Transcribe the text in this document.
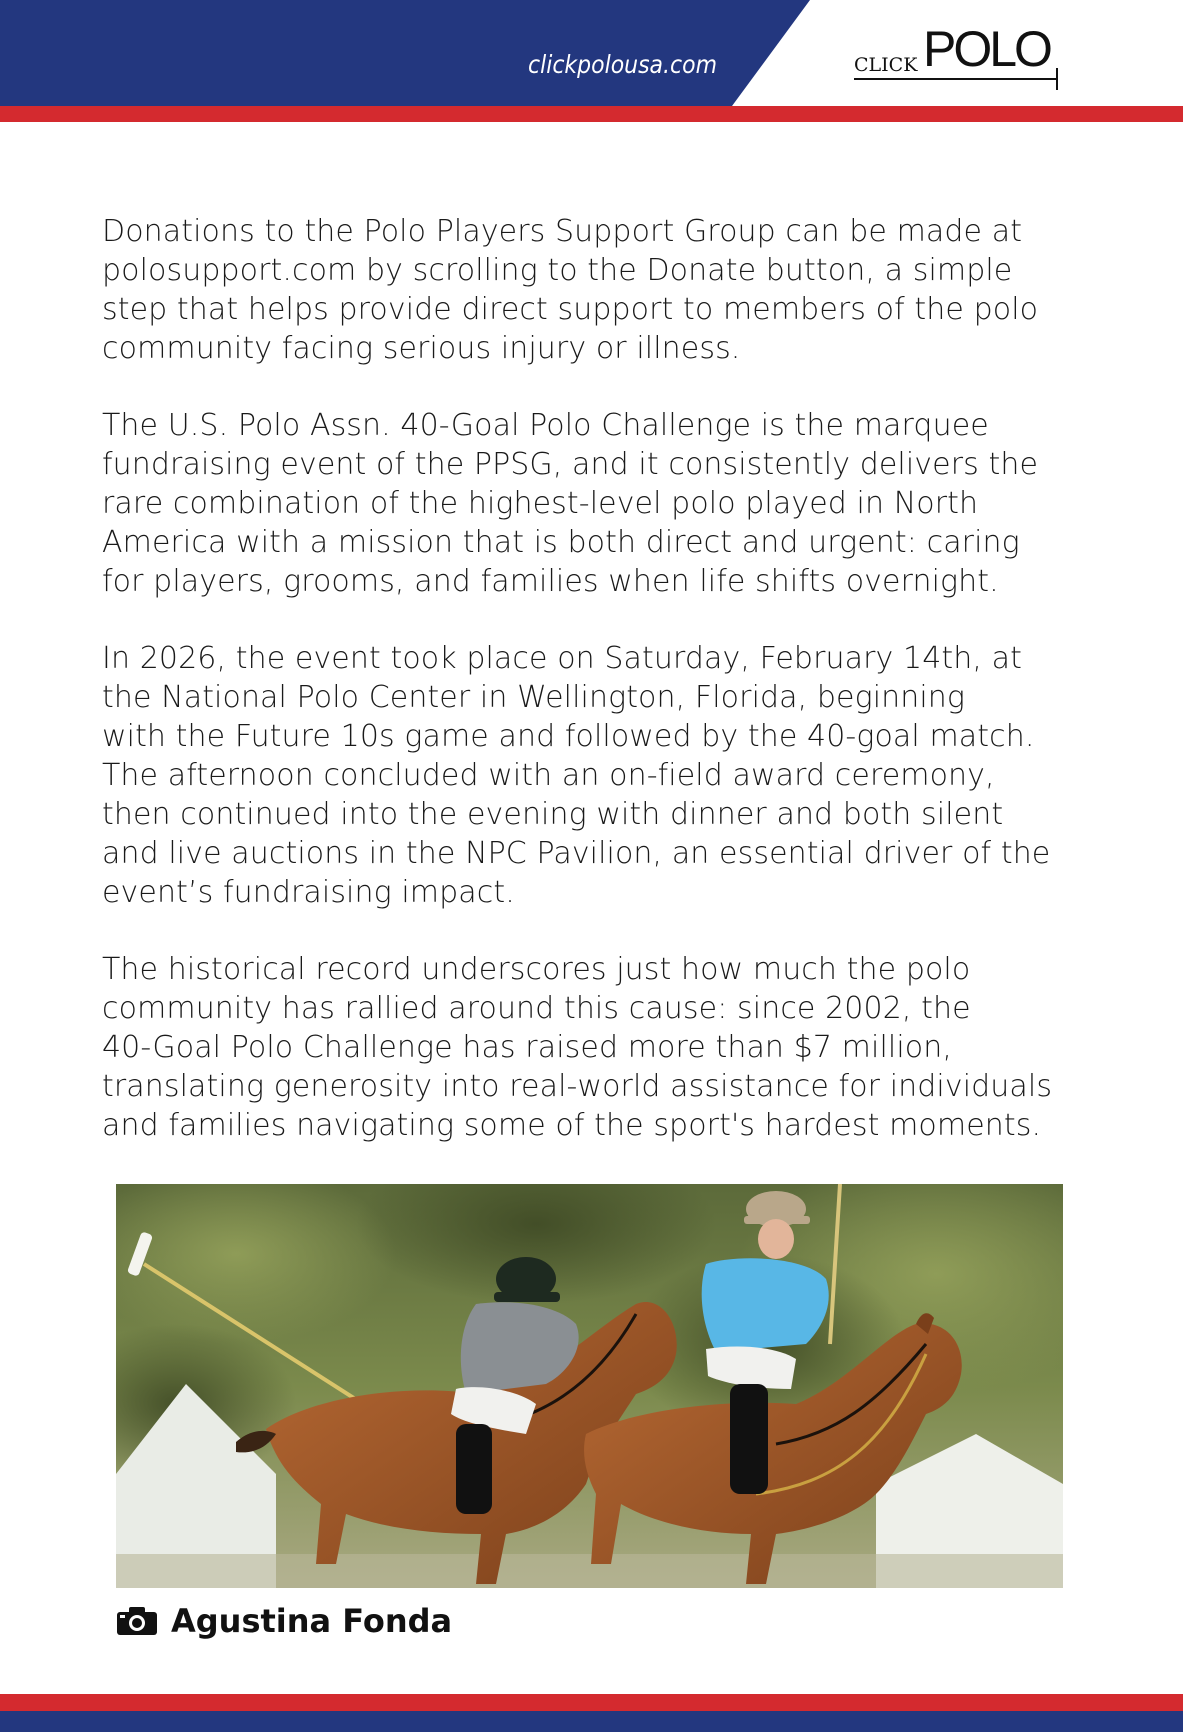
clickpolousa.com	CLICK POLO

Donations to the Polo Players Support Group can be made at
polosupport.com by scrolling to the Donate button, a simple
step that helps provide direct support to members of the polo
community facing serious injury or illness.

The U.S. Polo Assn. 40-Goal Polo Challenge is the marquee
fundraising event of the PPSG, and it consistently delivers the
rare combination of the highest-level polo played in North
America with a mission that is both direct and urgent: caring
for players, grooms, and families when life shifts overnight.

In 2026, the event took place on Saturday, February 14th, at
the National Polo Center in Wellington, Florida, beginning
with the Future 10s game and followed by the 40-goal match.
The afternoon concluded with an on-field award ceremony,
then continued into the evening with dinner and both silent
and live auctions in the NPC Pavilion, an essential driver of the
event’s fundraising impact.

The historical record underscores just how much the polo
community has rallied around this cause: since 2002, the
40-Goal Polo Challenge has raised more than $7 million,
translating generosity into real-world assistance for individuals
and families navigating some of the sport's hardest moments.

Agustina Fonda
